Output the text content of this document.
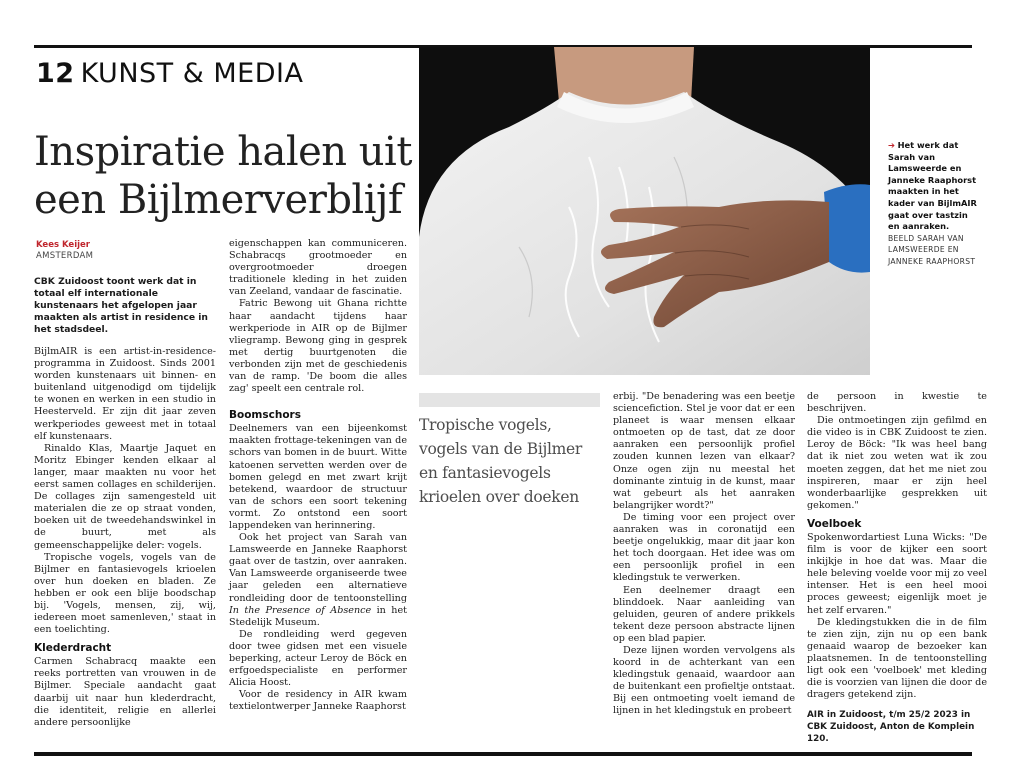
12 KUNST & MEDIA
Inspiratie halen uit
een Bijlmerverblijf
Kees Keijer
AMSTERDAM

CBK Zuidoost toont werk dat in totaal elf internationale kunstenaars het afgelopen jaar maakten als artist in residence in het stadsdeel.

BijlmAIR is een artist-in-residence-programma in Zuidoost. Sinds 2001 worden kunstenaars uit binnen- en buitenland uitgenodigd om tijdelijk te wonen en werken in een studio in Heesterveld. Er zijn dit jaar zeven werkperiodes geweest met in totaal elf kunstenaars.

Rinaldo Klas, Maartje Jaquet en Moritz Ebinger kenden elkaar al langer, maar maakten nu voor het eerst samen collages en schilderijen. De collages zijn samengesteld uit materialen die ze op straat vonden, boeken uit de tweedehandswinkel in de buurt, met als gemeenschappelijke deler: vogels.

Tropische vogels, vogels van de Bijlmer en fantasievogels krioelen over hun doeken en bladen. Ze hebben er ook een blije boodschap bij. 'Vogels, mensen, zij, wij, iedereen moet samenleven,' staat in een toelichting.

Klederdracht

Carmen Schabracq maakte een reeks portretten van vrouwen in de Bijlmer. Speciale aandacht gaat daarbij uit naar hun klederdracht, die identiteit, religie en allerlei andere persoonlijke

eigenschappen kan communiceren. Schabracqs grootmoeder en overgrootmoeder droegen traditionele kleding in het zuiden van Zeeland, vandaar de fascinatie.

Fatric Bewong uit Ghana richtte haar aandacht tijdens haar werkperiode in AIR op de Bijlmer vliegramp. Bewong ging in gesprek met dertig buurtgenoten die verbonden zijn met de geschiedenis van de ramp. 'De boom die alles zag' speelt een centrale rol.

Boomschors

Deelnemers van een bijeenkomst maakten frottage-tekeningen van de schors van bomen in de buurt. Witte katoenen servetten werden over de bomen gelegd en met zwart krijt betekend, waardoor de structuur van de schors een soort tekening vormt. Zo ontstond een soort lappendeken van herinnering.

Ook het project van Sarah van Lamsweerde en Janneke Raaphorst gaat over de tastzin, over aanraken. Van Lamsweerde organiseerde twee jaar geleden een alternatieve rondleiding door de tentoonstelling In the Presence of Absence in het Stedelijk Museum.

De rondleiding werd gegeven door twee gidsen met een visuele beperking, acteur Leroy de Böck en erfgoedspecialiste en performer Alicia Hoost.

Voor de residency in AIR kwam textielontwerper Janneke Raaphorst

➔ Het werk dat Sarah van Lamsweerde en Janneke Raaphorst maakten in het kader van BijlmAIR gaat over tastzin en aanraken.
BEELD SARAH VAN LAMSWEERDE EN JANNEKE RAAPHORST
Tropische vogels,
vogels van de Bijlmer
en fantasievogels
krioelen over doeken

erbij. "De benadering was een beetje sciencefiction. Stel je voor dat er een planeet is waar mensen elkaar ontmoeten op de tast, dat ze door aanraken een persoonlijk profiel zouden kunnen lezen van elkaar? Onze ogen zijn nu meestal het dominante zintuig in de kunst, maar wat gebeurt als het aanraken belangrijker wordt?"

De timing voor een project over aanraken was in coronatijd een beetje ongelukkig, maar dit jaar kon het toch doorgaan. Het idee was om een persoonlijk profiel in een kledingstuk te verwerken.

Een deelnemer draagt een blinddoek. Naar aanleiding van geluiden, geuren of andere prikkels tekent deze persoon abstracte lijnen op een blad papier.

Deze lijnen worden vervolgens als koord in de achterkant van een kledingstuk genaaid, waardoor aan de buitenkant een profieltje ontstaat. Bij een ontmoeting voelt iemand de lijnen in het kledingstuk en probeert

de persoon in kwestie te beschrijven.

Die ontmoetingen zijn gefilmd en die video is in CBK Zuidoost te zien. Leroy de Böck: "Ik was heel bang dat ik niet zou weten wat ik zou moeten zeggen, dat het me niet zou inspireren, maar er zijn heel wonderbaarlijke gesprekken uit gekomen."

Voelboek

Spokenwordartiest Luna Wicks: "De film is voor de kijker een soort inkijkje in hoe dat was. Maar die hele beleving voelde voor mij zo veel intenser. Het is een heel mooi proces geweest; eigenlijk moet je het zelf ervaren."

De kledingstukken die in de film te zien zijn, zijn nu op een bank genaaid waarop de bezoeker kan plaatsnemen. In de tentoonstelling ligt ook een 'voelboek' met kleding die is voorzien van lijnen die door de dragers getekend zijn.

AIR in Zuidoost, t/m 25/2 2023 in
CBK Zuidoost, Anton de Komplein 120.
